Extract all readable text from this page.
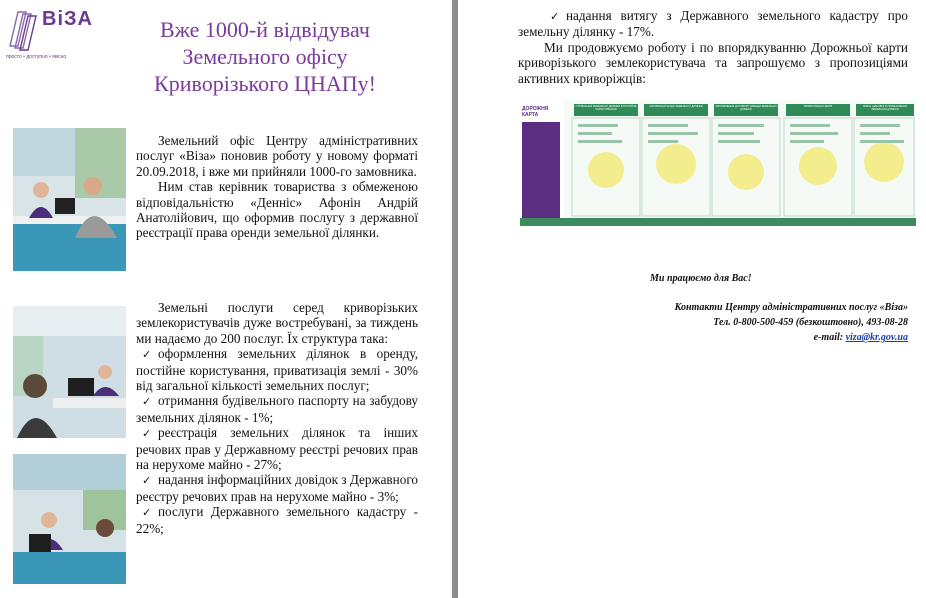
ВіЗА
просто • доступно • якісно
Вже 1000-й відвідувач
Земельного офісу
Криворізького ЦНАПу!

Земельний офіс Центру адміністративних послуг «Віза» поновив роботу у новому форматі 20.09.2018, і вже ми прийняли 1000-го замовника.

Ним став керівник товариства з обмеженою відповідальністю «Денніс» Афонін Андрій Анатолійович, що оформив послугу з державної реєстрації права оренди земельної ділянки.

Земельні послуги серед криворізьких землекористувачів дуже востребувані, за тиждень ми надаємо до 200 послуг. Їх структура така:

✓ оформлення земельних ділянок в оренду, постійне користування, приватизація землі - 30% від загальної кількості земельних послуг;
✓ отримання будівельного паспорту на забудову земельних ділянок - 1%;
✓ реєстрація земельних ділянок та інших речових прав у Державному реєстрі речових прав на нерухоме майно - 27%;
✓ надання інформаційних довідок з Державного реєстру речових прав на нерухоме майно - 3%;
✓ послуги Державного земельного кадастру - 22%;
✓ надання витягу з Державного земельного кадастру про земельну ділянку - 17%.

Ми продовжуємо роботу і по впорядкуванню Дорожньої карти криворізького землекористувача та запрошуємо з пропозиціями активних криворіжців:

ДОРОЖНЯ КАРТА
ОТРИМАННЯ ЗЕМЕЛЬНОЇ ДІЛЯНКИ В ПОСТІЙНЕ КОРИСТУВАННЯ
ІНФОРМАЦІЯ ЩОДО ЗЕМЕЛЬНОЇ ДІЛЯНКИ	ОФОРМЛЕННЯ ДОГОВОРУ ОРЕНДИ ЗЕМЕЛЬНОЇ ДІЛЯНКИ
ПРИВАТИЗАЦІЯ ЗЕМЛІ	ЗМІНА ЦІЛЬОВОГО ПРИЗНАЧЕННЯ ЗЕМЕЛЬНОЇ ДІЛЯНКИ
Ми працюємо для Вас!
Контакти Центру адміністративних послуг «Віза»
Тел. 0-800-500-459 (безкоштовно), 493-08-28
e-mail: viza@kr.gov.ua
